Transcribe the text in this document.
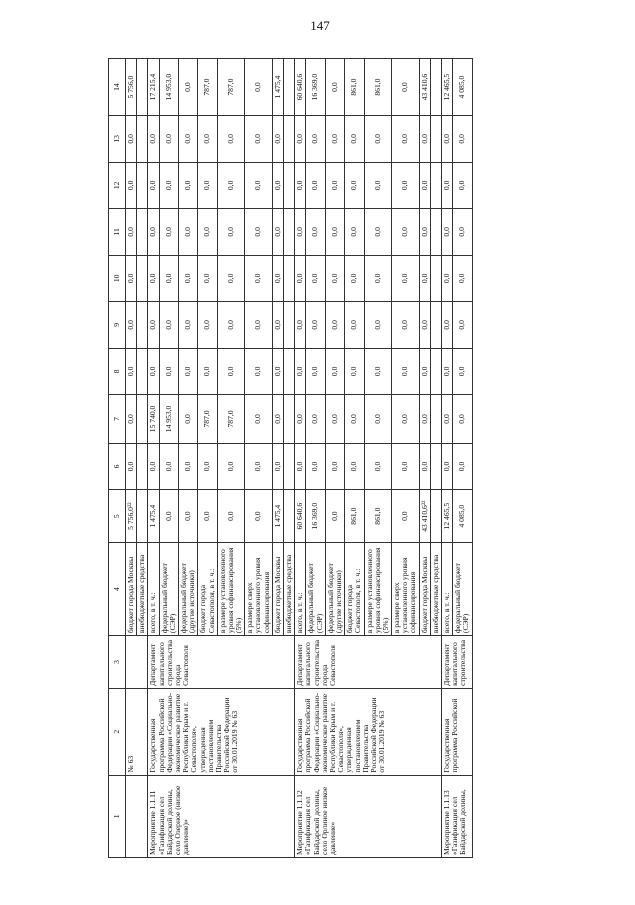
147
1	2	3	4	5	6	7	8	9	10	11	12	13	14
	№ 63		бюджет города Москвы	5 756,0²²	0,0	0,0	0,0	0,0	0,0	0,0	0,0	0,0	5 756,0
			внебюджетные средства										
Мероприятие 1.1.11 «Газификация сел Байдарской долины, село Озерное (низкое давление)»	Государственная программа Российской Федерации «Социально-экономическое развитие Республики Крым и г. Севастополя», утвержденная постановлением Правительства Российской Федерации от 30.01.2019 № 63	Департамент капитального строительства города Севастополя	всего, в т. ч.:	1 475,4	0,0	15 740,0	0,0	0,0	0,0	0,0	0,0	0,0	17 215,4
			федеральный бюджет (СЭР)	0,0	0,0	14 953,0	0,0	0,0	0,0	0,0	0,0	0,0	14 953,0
			федеральный бюджет (другие источники)	0,0	0,0	0,0	0,0	0,0	0,0	0,0	0,0	0,0	0,0
			бюджет города Севастополя, в т. ч.:	0,0	0,0	787,0	0,0	0,0	0,0	0,0	0,0	0,0	787,0
			в размере установленного уровня софинансирования (5%)	0,0	0,0	787,0	0,0	0,0	0,0	0,0	0,0	0,0	787,0
			в размере сверх установленного уровня софинансирования	0,0	0,0	0,0	0,0	0,0	0,0	0,0	0,0	0,0	0,0
			бюджет города Москвы	1 475,4	0,0	0,0	0,0	0,0	0,0	0,0	0,0	0,0	1 475,4
			внебюджетные средства										
Мероприятие 1.1.12 «Газификация сел Байдарской долины, село Орлиное низкое давление»	Государственная программа Российской Федерации «Социально-экономическое развитие Республики Крым и г. Севастополя», утвержденная постановлением Правительства Российской Федерации от 30.01.2019 № 63	Департамент капитального строительства города Севастополя	всего, в т. ч.:	60 640,6	0,0	0,0	0,0	0,0	0,0	0,0	0,0	0,0	60 640,6
			федеральный бюджет (СЭР)	16 369,0	0,0	0,0	0,0	0,0	0,0	0,0	0,0	0,0	16 369,0
			федеральный бюджет (другие источники)	0,0	0,0	0,0	0,0	0,0	0,0	0,0	0,0	0,0	0,0
			бюджет города Севастополя, в т. ч.:	861,0	0,0	0,0	0,0	0,0	0,0	0,0	0,0	0,0	861,0
			в размере установленного уровня софинансирования (5%)	861,0	0,0	0,0	0,0	0,0	0,0	0,0	0,0	0,0	861,0
			в размере сверх установленного уровня софинансирования	0,0	0,0	0,0	0,0	0,0	0,0	0,0	0,0	0,0	0,0
			бюджет города Москвы	43 410,6²²	0,0	0,0	0,0	0,0	0,0	0,0	0,0	0,0	43 410,6
			внебюджетные средства										
Мероприятие 1.1.13 «Газификация сел Байдарской долины,	Государственная программа Российской	Департамент капитального строительства	всего, в т. ч.:	12 465,5	0,0	0,0	0,0	0,0	0,0	0,0	0,0	0,0	12 465,5
			федеральный бюджет (СЭР)	4 085,0	0,0	0,0	0,0	0,0	0,0	0,0	0,0	0,0	4 085,0
